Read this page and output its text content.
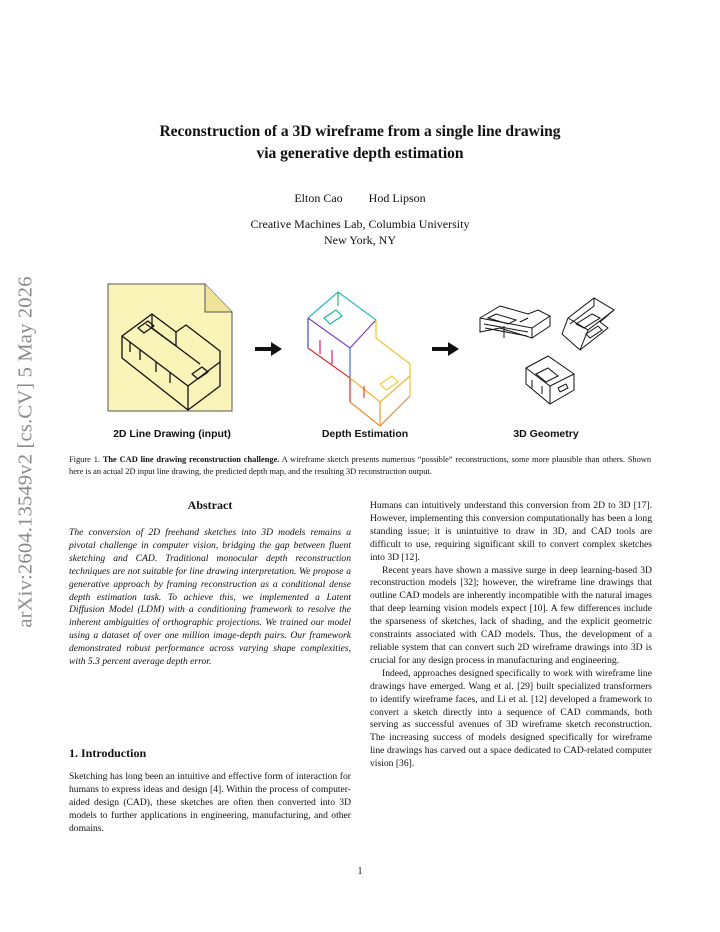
arXiv:2604.13549v2 [cs.CV] 5 May 2026
Reconstruction of a 3D wireframe from a single line drawing
via generative depth estimation
Elton Cao Hod Lipson
Creative Machines Lab, Columbia University
New York, NY
2D Line Drawing (input)	Depth Estimation	3D Geometry
Figure 1. The CAD line drawing reconstruction challenge. A wireframe sketch presents numerous “possible” reconstructions, some more plausible than others. Shown here is an actual 2D input line drawing, the predicted depth map, and the resulting 3D reconstruction output.
Abstract

The conversion of 2D freehand sketches into 3D models remains a pivotal challenge in computer vision, bridging the gap between fluent sketching and CAD. Traditional monocular depth reconstruction techniques are not suitable for line drawing interpretation. We propose a generative approach by framing reconstruction as a conditional dense depth estimation task. To achieve this, we implemented a Latent Diffusion Model (LDM) with a conditioning framework to resolve the inherent ambiguities of orthographic projections. We trained our model using a dataset of over one million image-depth pairs. Our framework demonstrated robust performance across varying shape complexities, with 5.3 percent average depth error.

1. Introduction

Sketching has long been an intuitive and effective form of interaction for humans to express ideas and design [4]. Within the process of computer-aided design (CAD), these sketches are often then converted into 3D models to further applications in engineering, manufacturing, and other domains.

Humans can intuitively understand this conversion from 2D to 3D [17]. However, implementing this conversion computationally has been a long standing issue; it is unintuitive to draw in 3D, and CAD tools are difficult to use, requiring significant skill to convert complex sketches into 3D [12].

Recent years have shown a massive surge in deep learning-based 3D reconstruction models [32]; however, the wireframe line drawings that outline CAD models are inherently incompatible with the natural images that deep learning vision models expect [10]. A few differences include the sparseness of sketches, lack of shading, and the explicit geometric constraints associated with CAD models. Thus, the development of a reliable system that can convert such 2D wireframe drawings into 3D is crucial for any design process in manufacturing and engineering.

Indeed, approaches designed specifically to work with wireframe line drawings have emerged. Wang et al. [29] built specialized transformers to identify wireframe faces, and Li et al. [12] developed a framework to convert a sketch directly into a sequence of CAD commands, both serving as successful avenues of 3D wireframe sketch reconstruction. The increasing success of models designed specifically for wireframe line drawings has carved out a space dedicated to CAD-related computer vision [36].

1
